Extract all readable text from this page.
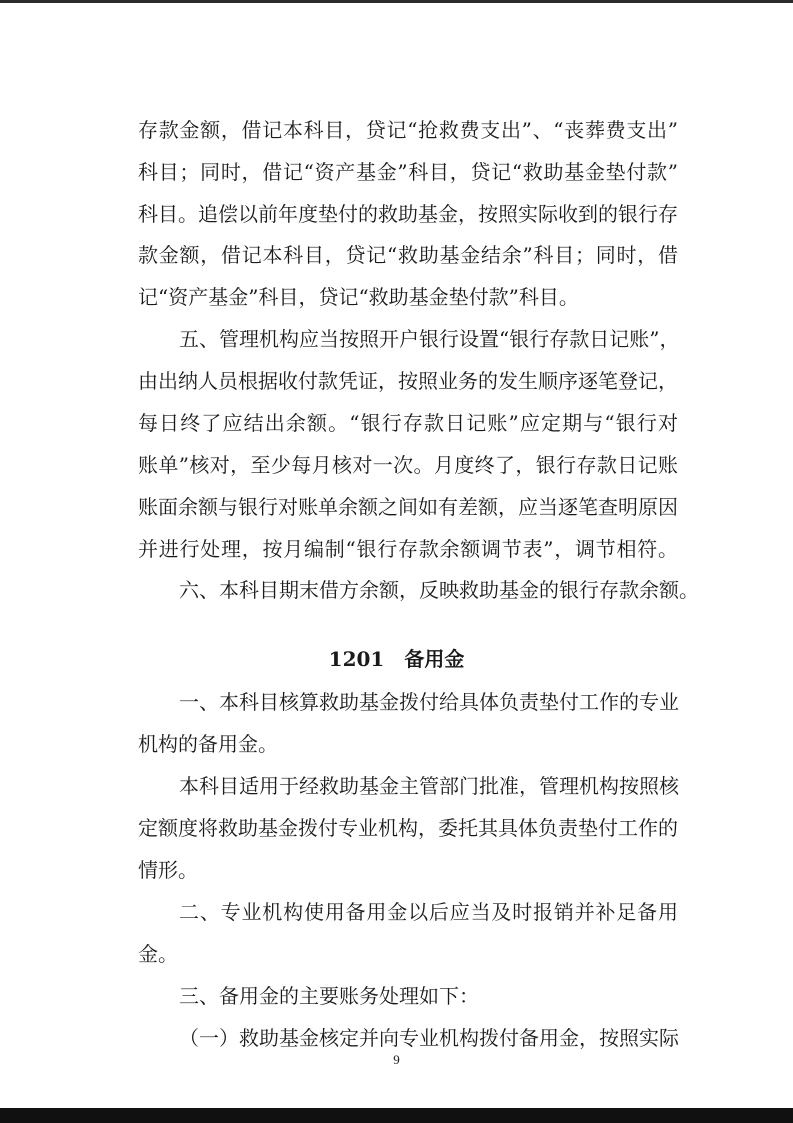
存款金额，借记本科目，贷记“抢救费支出”、“丧葬费支出”
科目；同时，借记“资产基金”科目，贷记“救助基金垫付款”
科目。追偿以前年度垫付的救助基金，按照实际收到的银行存
款金额，借记本科目，贷记“救助基金结余”科目；同时，借
记“资产基金”科目，贷记“救助基金垫付款”科目。
五、管理机构应当按照开户银行设置“银行存款日记账”，
由出纳人员根据收付款凭证，按照业务的发生顺序逐笔登记，
每日终了应结出余额。“银行存款日记账”应定期与“银行对
账单”核对，至少每月核对一次。月度终了，银行存款日记账
账面余额与银行对账单余额之间如有差额，应当逐笔查明原因
并进行处理，按月编制“银行存款余额调节表”，调节相符。
六、本科目期末借方余额，反映救助基金的银行存款余额。
1201　备用金
一、本科目核算救助基金拨付给具体负责垫付工作的专业
机构的备用金。
本科目适用于经救助基金主管部门批准，管理机构按照核
定额度将救助基金拨付专业机构，委托其具体负责垫付工作的
情形。
二、专业机构使用备用金以后应当及时报销并补足备用
金。
三、备用金的主要账务处理如下：
（一）救助基金核定并向专业机构拨付备用金，按照实际
9
